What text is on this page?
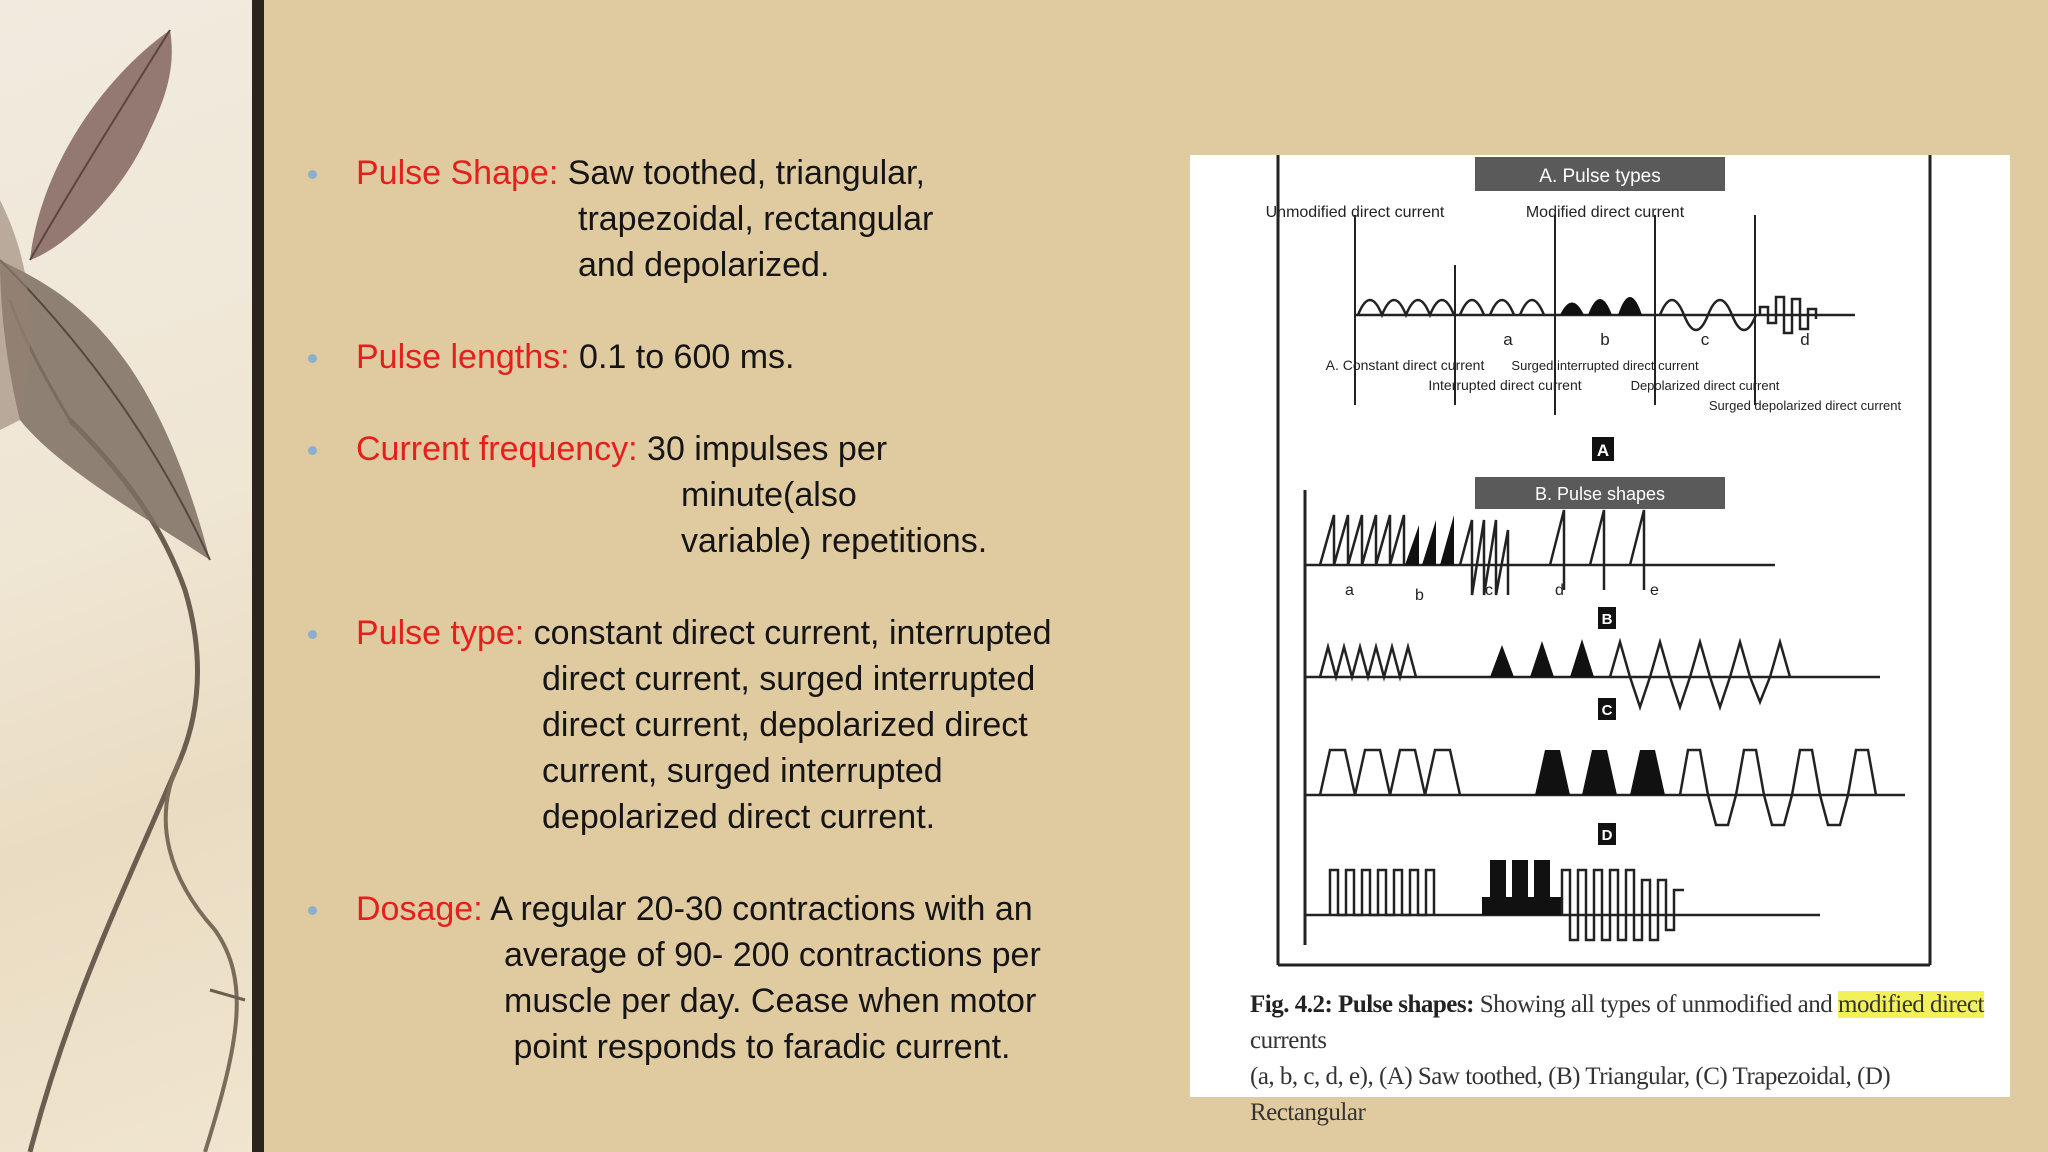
Pulse Shape: Saw toothed, triangular,
trapezoidal, rectangular
and depolarized.
Pulse lengths: 0.1 to 600 ms.
Current frequency: 30 impulses per
minute(also
variable) repetitions.
Pulse type: constant direct current, interrupted
direct current, surged interrupted
direct current, depolarized direct
current, surged interrupted
depolarized direct current.
Dosage: A regular 20-30 contractions with an
average of 90- 200 contractions per
muscle per day. Cease when motor
point responds to faradic current.
A. Pulse types
Unmodified direct current	Modified direct current
a	b	c	d
A. Constant direct current
Interrupted direct current
Surged interrupted direct current
Depolarized direct current
Surged depolarized direct current
A
B. Pulse shapes
a	b	c	d	e
B
C
D
Fig. 4.2: Pulse shapes: Showing all types of unmodified and modified direct currents
(a, b, c, d, e), (A) Saw toothed, (B) Triangular, (C) Trapezoidal, (D) Rectangular
